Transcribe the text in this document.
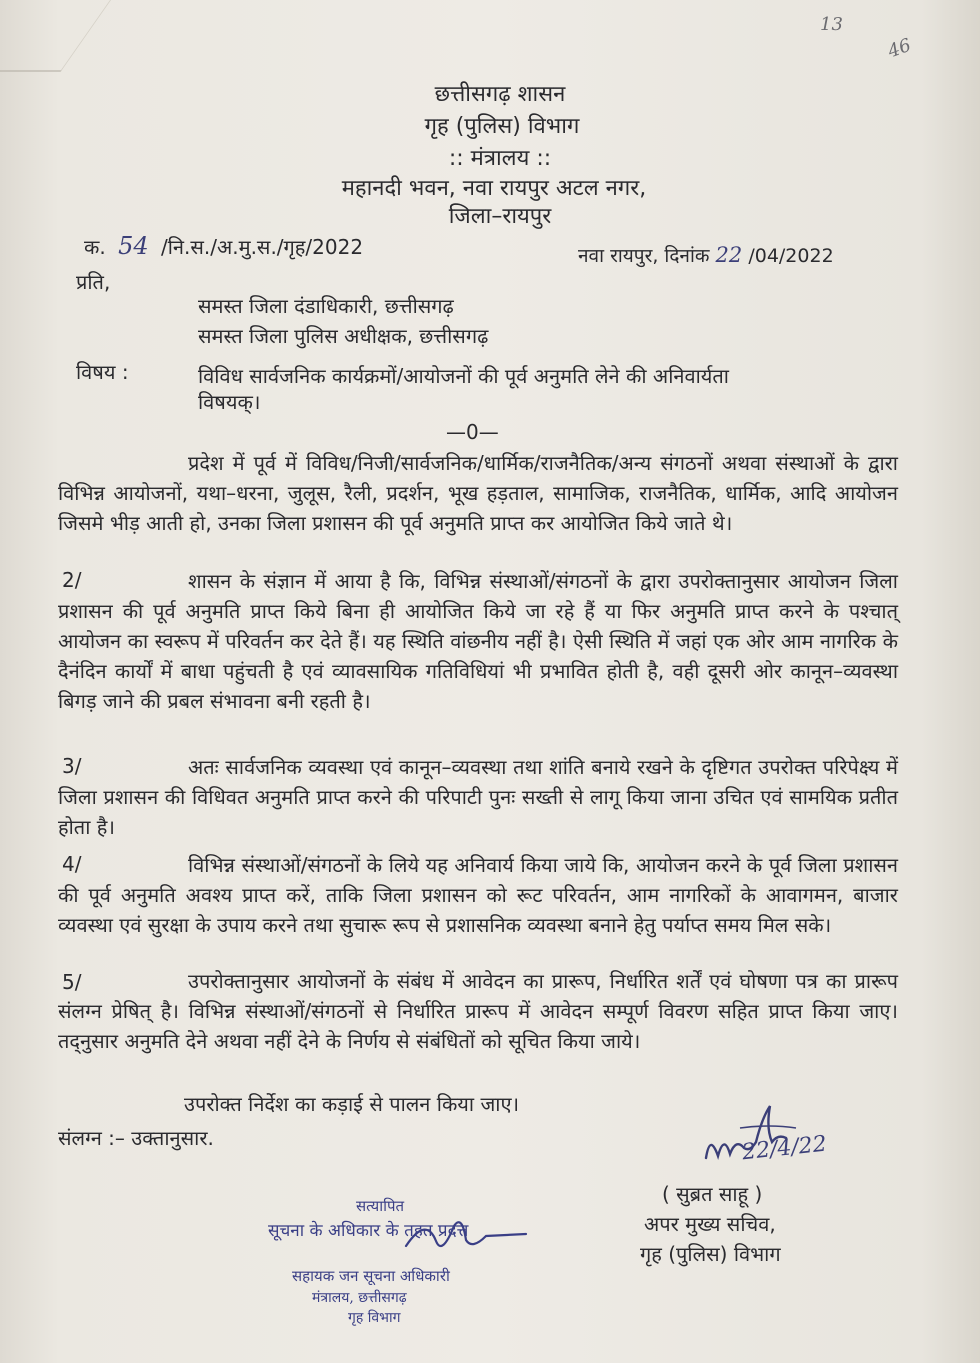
13
46
छत्तीसगढ़ शासन
गृह (पुलिस) विभाग
:: मंत्रालय ::
महानदी भवन, नवा रायपुर अटल नगर,
जिला–रायपुर
क. 54 /नि.स./अ.मु.स./गृह/2022	नवा रायपुर, दिनांक 22 /04/2022
प्रति,
समस्त जिला दंडाधिकारी, छत्तीसगढ़
समस्त जिला पुलिस अधीक्षक, छत्तीसगढ़
विषय :	विविध सार्वजनिक कार्यक्रमों/आयोजनों की पूर्व अनुमति लेने की अनिवार्यता
विषयक्।
—0—

प्रदेश में पूर्व में विविध/निजी/सार्वजनिक/धार्मिक/राजनैतिक/अन्य संगठनों अथवा संस्थाओं के द्वारा विभिन्न आयोजनों, यथा–धरना, जुलूस, रैली, प्रदर्शन, भूख हड़ताल, सामाजिक, राजनैतिक, धार्मिक, आदि आयोजन जिसमे भीड़ आती हो, उनका जिला प्रशासन की पूर्व अनुमति प्राप्त कर आयोजित किये जाते थे।

2/	शासन के संज्ञान में आया है कि, विभिन्न संस्थाओं/संगठनों के द्वारा उपरोक्तानुसार आयोजन जिला प्रशासन की पूर्व अनुमति प्राप्त किये बिना ही आयोजित किये जा रहे हैं या फिर अनुमति प्राप्त करने के पश्चात् आयोजन का स्वरूप में परिवर्तन कर देते हैं। यह स्थिति वांछनीय नहीं है। ऐसी स्थिति में जहां एक ओर आम नागरिक के दैनंदिन कार्यों में बाधा पहुंचती है एवं व्यावसायिक गतिविधियां भी प्रभावित होती है, वही दूसरी ओर कानून–व्यवस्था बिगड़ जाने की प्रबल संभावना बनी रहती है।

3/	अतः सार्वजनिक व्यवस्था एवं कानून–व्यवस्था तथा शांति बनाये रखने के दृष्टिगत उपरोक्त परिपेक्ष्य में जिला प्रशासन की विधिवत अनुमति प्राप्त करने की परिपाटी पुनः सख्ती से लागू किया जाना उचित एवं सामयिक प्रतीत होता है।

4/	विभिन्न संस्थाओं/संगठनों के लिये यह अनिवार्य किया जाये कि, आयोजन करने के पूर्व जिला प्रशासन की पूर्व अनुमति अवश्य प्राप्त करें, ताकि जिला प्रशासन को रूट परिवर्तन, आम नागरिकों के आवागमन, बाजार व्यवस्था एवं सुरक्षा के उपाय करने तथा सुचारू रूप से प्रशासनिक व्यवस्था बनाने हेतु पर्याप्त समय मिल सके।

5/	उपरोक्तानुसार आयोजनों के संबंध में आवेदन का प्रारूप, निर्धारित शर्तें एवं घोषणा पत्र का प्रारूप संलग्न प्रेषित् है। विभिन्न संस्थाओं/संगठनों से निर्धारित प्रारूप में आवेदन सम्पूर्ण विवरण सहित प्राप्त किया जाए। तद्नुसार अनुमति देने अथवा नहीं देने के निर्णय से संबंधितों को सूचित किया जाये।

उपरोक्त निर्देश का कड़ाई से पालन किया जाए।
संलग्न :– उक्तानुसार.	22/4/22
( सुब्रत साहू )
अपर मुख्य सचिव,
गृह (पुलिस) विभाग
सत्यापित
सूचना के अधिकार के तहत प्रदत्त
सहायक जन सूचना अधिकारी
मंत्रालय, छत्तीसगढ़
गृह विभाग
